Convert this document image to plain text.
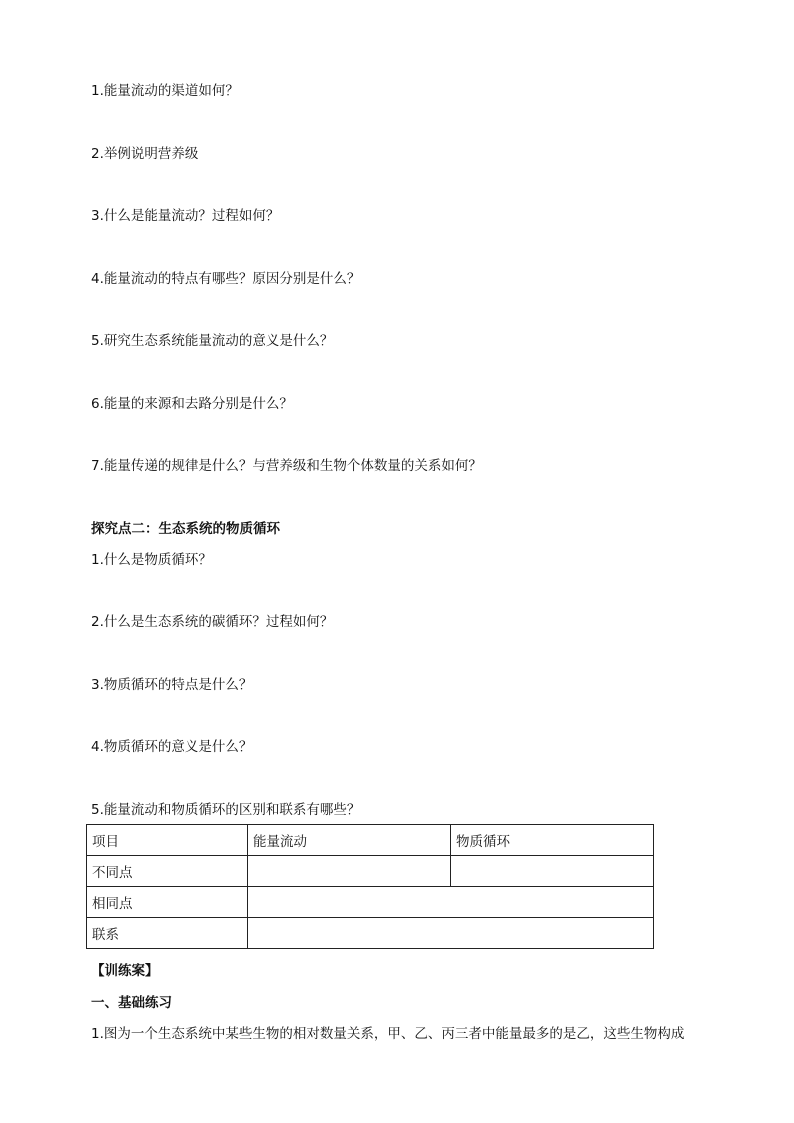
1.能量流动的渠道如何？
2.举例说明营养级
3.什么是能量流动？过程如何？
4.能量流动的特点有哪些？原因分别是什么？
5.研究生态系统能量流动的意义是什么？
6.能量的来源和去路分别是什么？
7.能量传递的规律是什么？与营养级和生物个体数量的关系如何？
探究点二：生态系统的物质循环
1.什么是物质循环？
2.什么是生态系统的碳循环？过程如何？
3.物质循环的特点是什么？
4.物质循环的意义是什么？
5.能量流动和物质循环的区别和联系有哪些？
项目	能量流动	物质循环
不同点		
相同点		
联系		
【训练案】
一、基础练习
1.图为一个生态系统中某些生物的相对数量关系，甲、乙、丙三者中能量最多的是乙，这些生物构成
